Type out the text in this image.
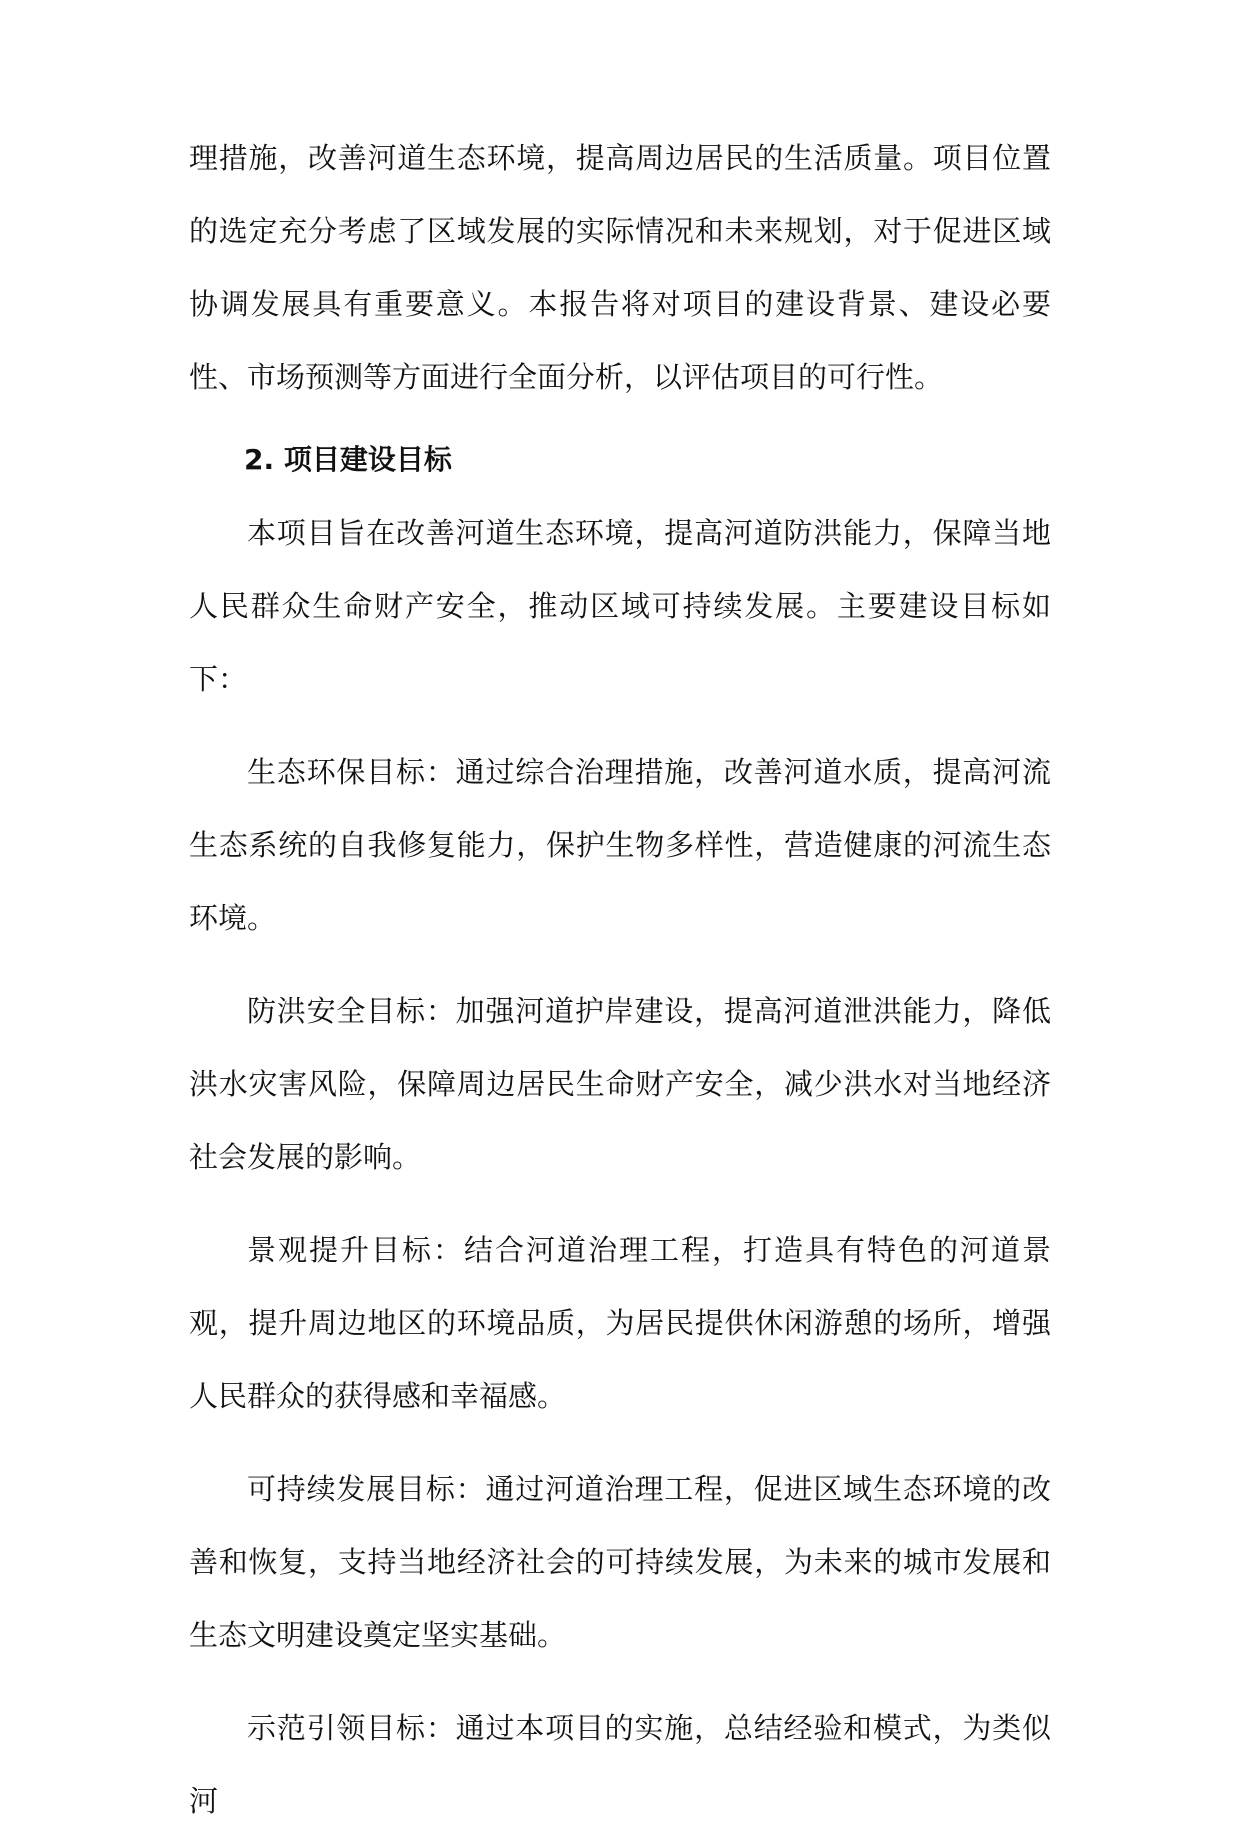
理措施，改善河道生态环境，提高周边居民的生活质量。项目位置的选定充分考虑了区域发展的实际情况和未来规划，对于促进区域协调发展具有重要意义。本报告将对项目的建设背景、建设必要性、市场预测等方面进行全面分析，以评估项目的可行性。

2. 项目建设目标

本项目旨在改善河道生态环境，提高河道防洪能力，保障当地人民群众生命财产安全，推动区域可持续发展。主要建设目标如下：

生态环保目标：通过综合治理措施，改善河道水质，提高河流生态系统的自我修复能力，保护生物多样性，营造健康的河流生态环境。

防洪安全目标：加强河道护岸建设，提高河道泄洪能力，降低洪水灾害风险，保障周边居民生命财产安全，减少洪水对当地经济社会发展的影响。

景观提升目标：结合河道治理工程，打造具有特色的河道景观，提升周边地区的环境品质，为居民提供休闲游憩的场所，增强人民群众的获得感和幸福感。

可持续发展目标：通过河道治理工程，促进区域生态环境的改善和恢复，支持当地经济社会的可持续发展，为未来的城市发展和生态文明建设奠定坚实基础。

示范引领目标：通过本项目的实施，总结经验和模式，为类似河
